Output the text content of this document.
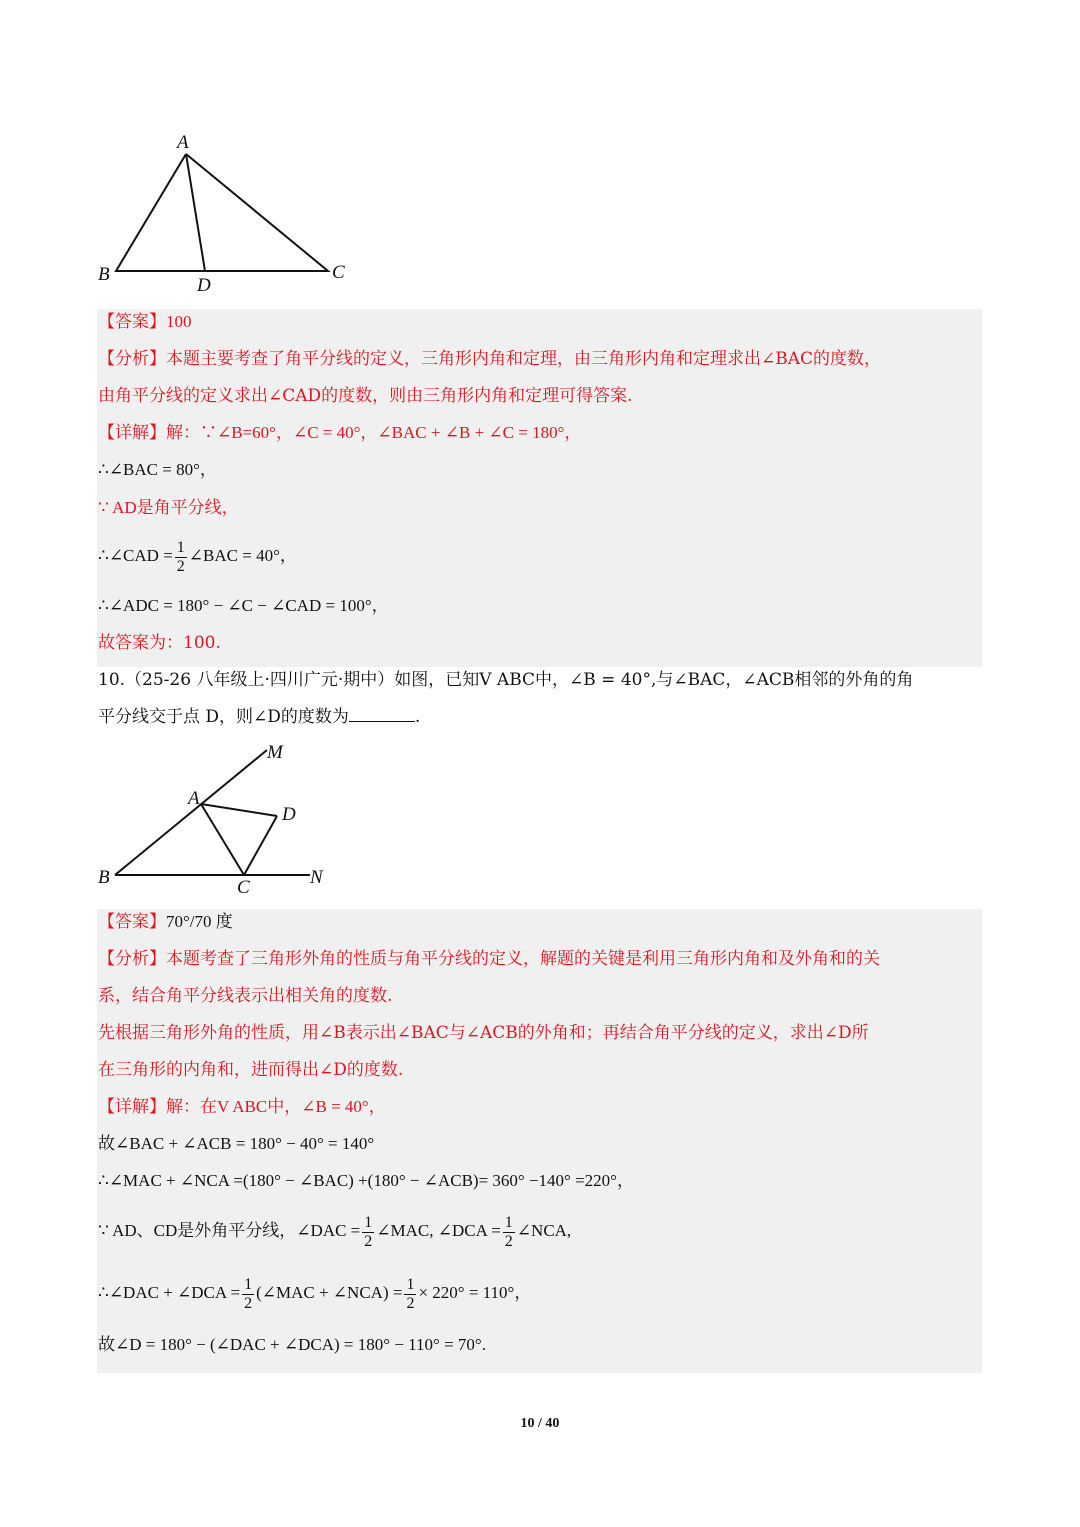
A
B	C
D
【答案】100
【分析】本题主要考查了角平分线的定义，三角形内角和定理，由三角形内角和定理求出∠BAC的度数，
由角平分线的定义求出∠CAD的度数，则由三角形内角和定理可得答案.
【详解】解：∵∠B=60°，∠C = 40°，∠BAC + ∠B + ∠C = 180°，
∴∠BAC = 80°，
∵ AD是角平分线，
∴∠CAD = $\frac{1}{2}$ ∠BAC = 40°，
∴∠ADC = 180° − ∠C − ∠CAD = 100°，
故答案为：100.
10.（25-26 八年级上·四川广元·期中）如图，已知V ABC中，∠B = 40°,与∠BAC，∠ACB相邻的外角的角
平分线交于点 D，则∠D的度数为	.
M
A
D
B	C	N
【答案】70°/70 度
【分析】本题考查了三角形外角的性质与角平分线的定义，解题的关键是利用三角形内角和及外角和的关
系，结合角平分线表示出相关角的度数.
先根据三角形外角的性质，用∠B表示出∠BAC与∠ACB的外角和；再结合角平分线的定义，求出∠D所
在三角形的内角和，进而得出∠D的度数.
【详解】解：在V ABC中，∠B = 40°，
故∠BAC + ∠ACB = 180° − 40° = 140°
∴∠MAC + ∠NCA =(180° − ∠BAC) +(180° − ∠ACB)= 360° −140° =220°，
∵ AD、CD是外角平分线，∠DAC = $\frac{1}{2}$ ∠MAC, ∠DCA = $\frac{1}{2}$ ∠NCA,
∴∠DAC + ∠DCA = $\frac{1}{2}$ (∠MAC + ∠NCA) = $\frac{1}{2} \times 220^\circ = 110^\circ$，
故∠D = 180° − (∠DAC + ∠DCA) = 180° − 110° = 70°.
10 / 40
